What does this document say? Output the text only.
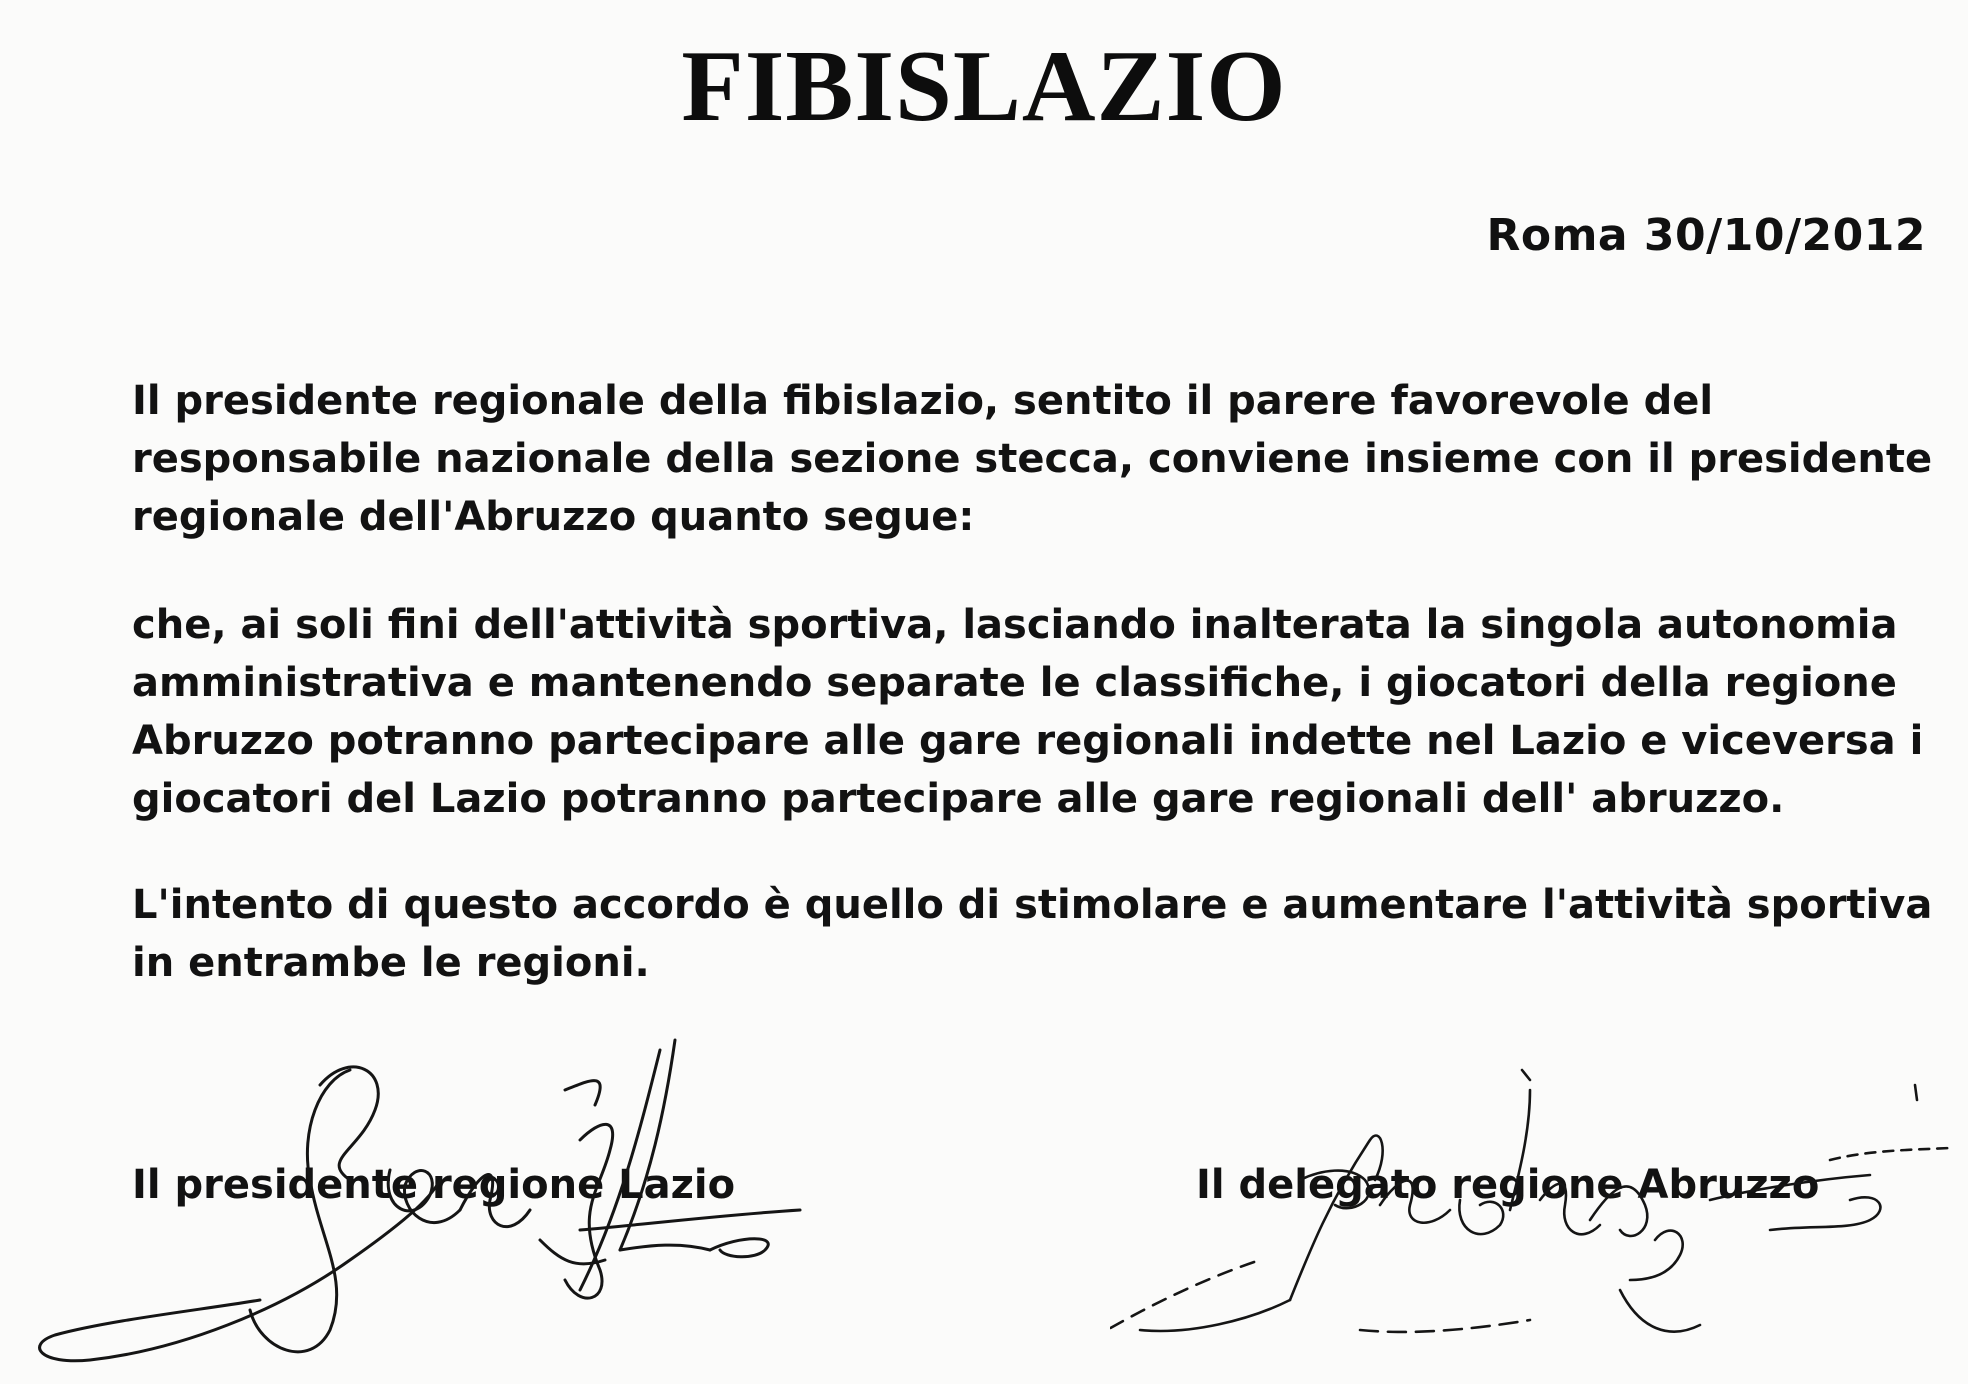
FIBISLAZIO
Roma 30/10/2012

Il presidente regionale della fibislazio, sentito il parere favorevole del
responsabile nazionale della sezione stecca, conviene insieme con il presidente
regionale dell'Abruzzo quanto segue:

che, ai soli fini dell'attività sportiva, lasciando inalterata la singola autonomia
amministrativa e mantenendo separate le classifiche, i giocatori della regione
Abruzzo potranno partecipare alle gare regionali indette nel Lazio e viceversa i
giocatori del Lazio potranno partecipare alle gare regionali dell' abruzzo.

L'intento di questo accordo è quello di stimolare e aumentare l'attività sportiva
in entrambe le regioni.

Il presidente regione Lazio	Il delegato regione Abruzzo
